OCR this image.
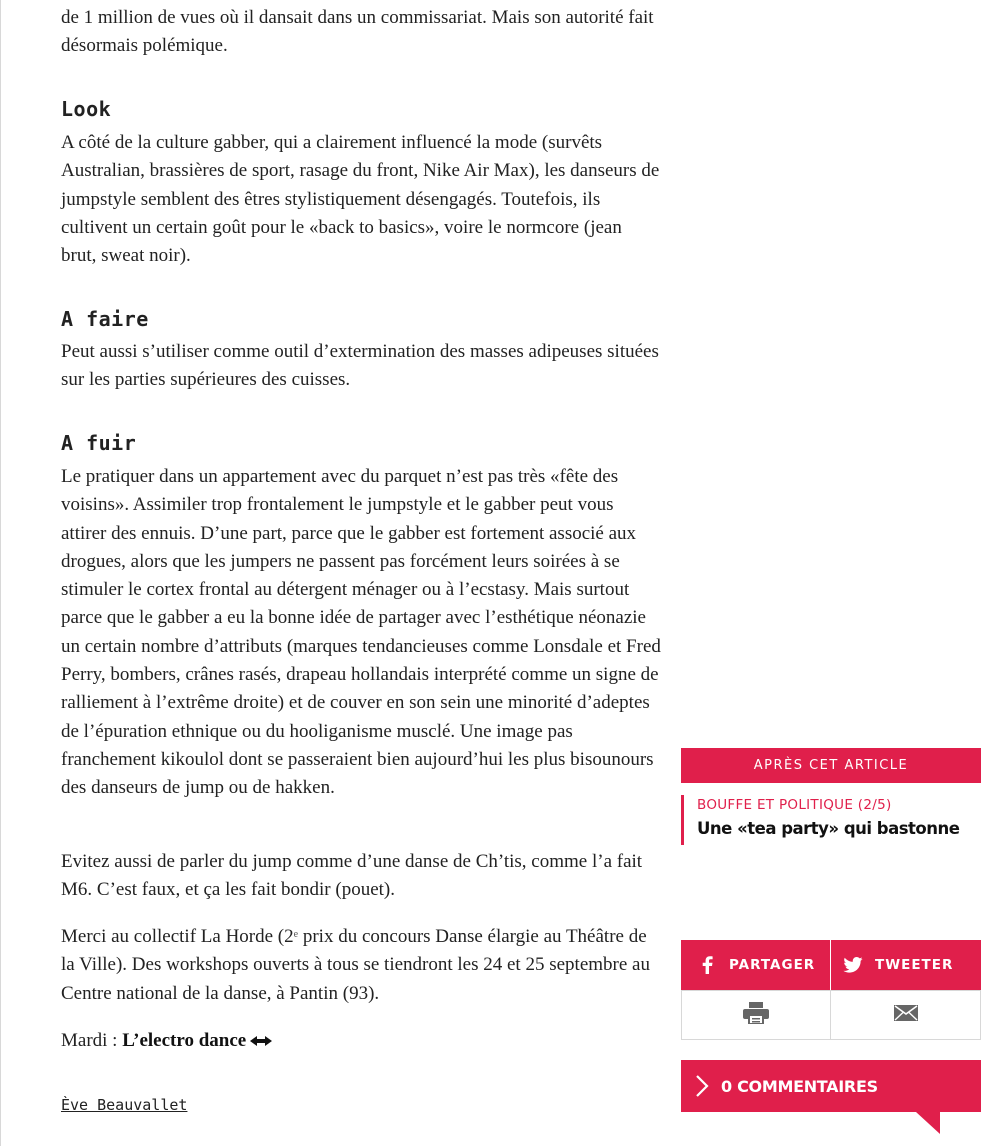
de 1 million de vues où il dansait dans un commissariat. Mais son autorité fait désormais polémique.

Look

A côté de la culture gabber, qui a clairement influencé la mode (survêts Australian, brassières de sport, rasage du front, Nike Air Max), les danseurs de jumpstyle semblent des êtres stylistiquement désengagés. Toutefois, ils cultivent un certain goût pour le «back to basics», voire le normcore (jean brut, sweat noir).

A faire

Peut aussi s’utiliser comme outil d’extermination des masses adipeuses situées sur les parties supérieures des cuisses.

A fuir

Le pratiquer dans un appartement avec du parquet n’est pas très «fête des voisins». Assimiler trop frontalement le jumpstyle et le gabber peut vous attirer des ennuis. D’une part, parce que le gabber est fortement associé aux drogues, alors que les jumpers ne passent pas forcément leurs soirées à se stimuler le cortex frontal au détergent ménager ou à l’ecstasy. Mais surtout parce que le gabber a eu la bonne idée de partager avec l’esthétique néonazie un certain nombre d’attributs (marques tendancieuses comme Lonsdale et Fred Perry, bombers, crânes rasés, drapeau hollandais interprété comme un signe de ralliement à l’extrême droite) et de couver en son sein une minorité d’adeptes de l’épuration ethnique ou du hooliganisme musclé. Une image pas franchement kikoulol dont se passeraient bien aujourd’hui les plus bisounours des danseurs de jump ou de hakken.

Evitez aussi de parler du jump comme d’une danse de Ch’tis, comme l’a fait M6. C’est faux, et ça les fait bondir (pouet).

Merci au collectif La Horde (2e prix du concours Danse élargie au Théâtre de la Ville). Des workshops ouverts à tous se tiendront les 24 et 25 septembre au Centre national de la danse, à Pantin (93).

Mardi : L’electro dance

Ève Beauvallet
APRÈS CET ARTICLE
BOUFFE ET POLITIQUE (2/5)
Une «tea party» qui bastonne
PARTAGER	TWEETER
0 COMMENTAIRES
